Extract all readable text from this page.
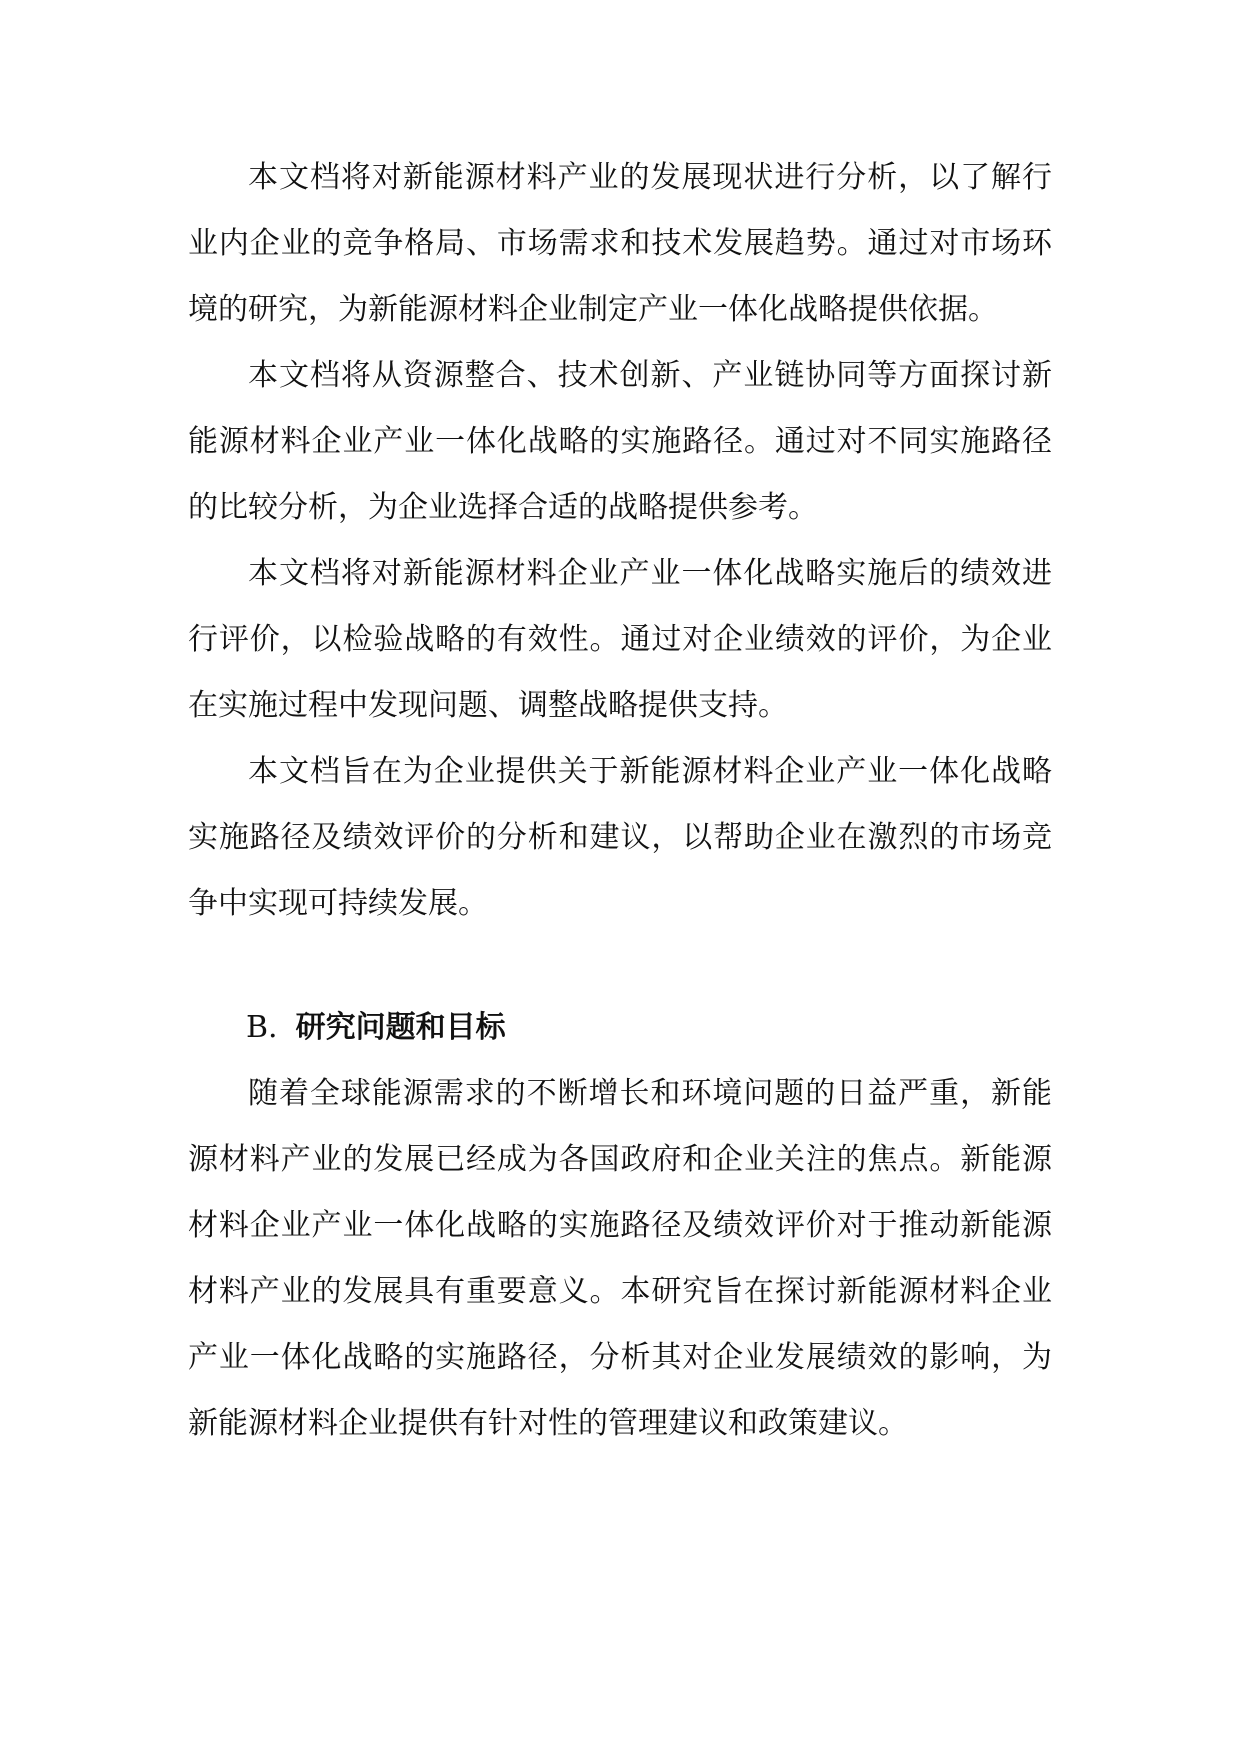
本文档将对新能源材料产业的发展现状进行分析，以了解行业内企业的竞争格局、市场需求和技术发展趋势。通过对市场环境的研究，为新能源材料企业制定产业一体化战略提供依据。

本文档将从资源整合、技术创新、产业链协同等方面探讨新能源材料企业产业一体化战略的实施路径。通过对不同实施路径的比较分析，为企业选择合适的战略提供参考。

本文档将对新能源材料企业产业一体化战略实施后的绩效进行评价，以检验战略的有效性。通过对企业绩效的评价，为企业在实施过程中发现问题、调整战略提供支持。

本文档旨在为企业提供关于新能源材料企业产业一体化战略实施路径及绩效评价的分析和建议，以帮助企业在激烈的市场竞争中实现可持续发展。

B. 研究问题和目标

随着全球能源需求的不断增长和环境问题的日益严重，新能源材料产业的发展已经成为各国政府和企业关注的焦点。新能源材料企业产业一体化战略的实施路径及绩效评价对于推动新能源材料产业的发展具有重要意义。本研究旨在探讨新能源材料企业产业一体化战略的实施路径，分析其对企业发展绩效的影响，为新能源材料企业提供有针对性的管理建议和政策建议。
